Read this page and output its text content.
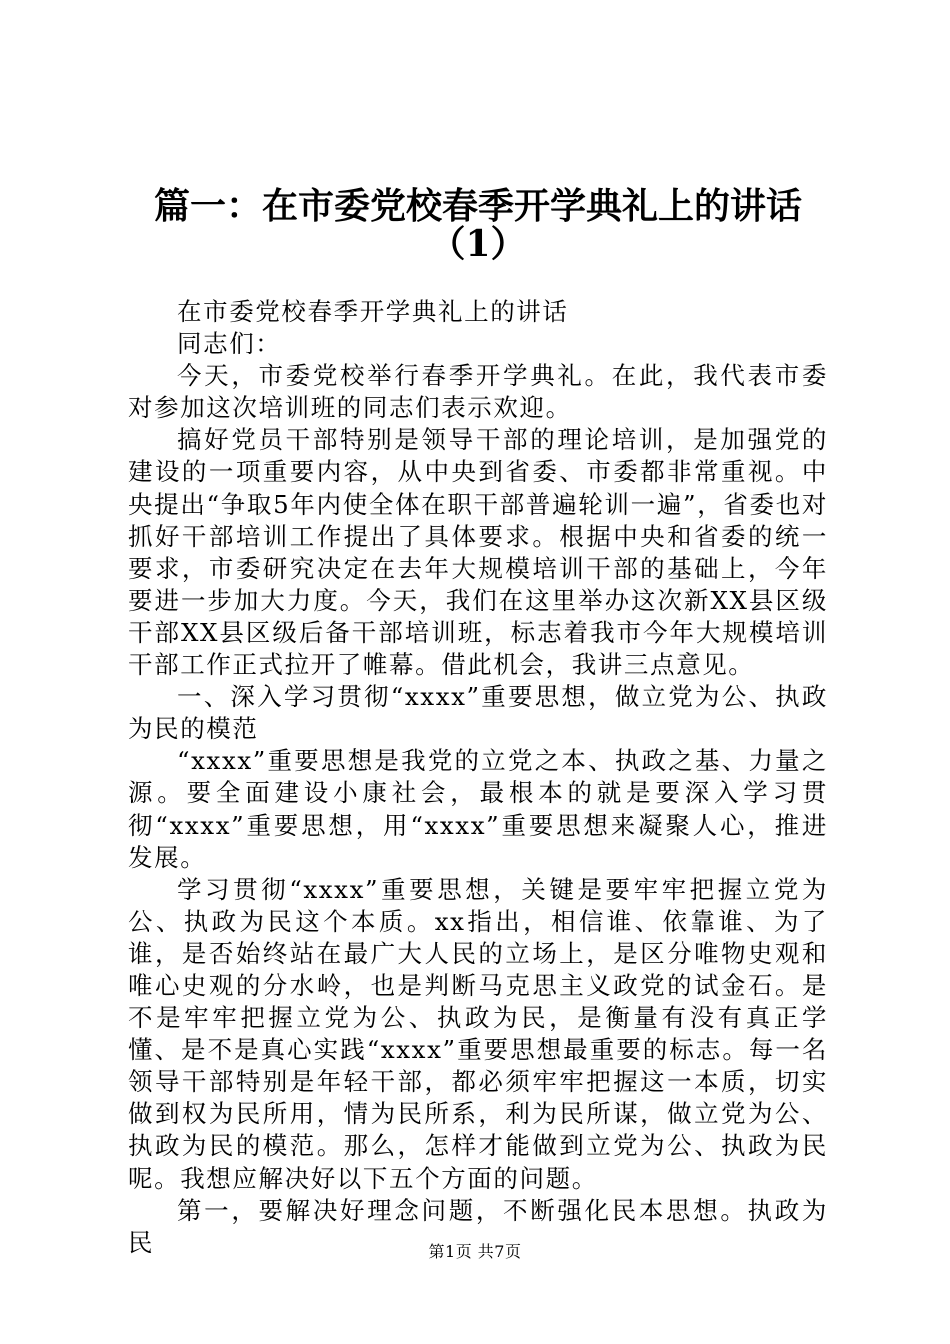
篇一：在市委党校春季开学典礼上的讲话
（1）

在市委党校春季开学典礼上的讲话

同志们：

今天，市委党校举行春季开学典礼。在此，我代表市委对参加这次培训班的同志们表示欢迎。

搞好党员干部特别是领导干部的理论培训，是加强党的建设的一项重要内容，从中央到省委、市委都非常重视。中央提出“争取5年内使全体在职干部普遍轮训一遍”，省委也对抓好干部培训工作提出了具体要求。根据中央和省委的统一要求，市委研究决定在去年大规模培训干部的基础上，今年要进一步加大力度。今天，我们在这里举办这次新XX县区级干部XX县区级后备干部培训班，标志着我市今年大规模培训干部工作正式拉开了帷幕。借此机会，我讲三点意见。

一、深入学习贯彻“xxxx”重要思想，做立党为公、执政为民的模范

“xxxx”重要思想是我党的立党之本、执政之基、力量之源。要全面建设小康社会，最根本的就是要深入学习贯彻“xxxx”重要思想，用“xxxx”重要思想来凝聚人心，推进发展。

学习贯彻“xxxx”重要思想，关键是要牢牢把握立党为公、执政为民这个本质。xx指出，相信谁、依靠谁、为了谁，是否始终站在最广大人民的立场上，是区分唯物史观和唯心史观的分水岭，也是判断马克思主义政党的试金石。是不是牢牢把握立党为公、执政为民，是衡量有没有真正学懂、是不是真心实践“xxxx”重要思想最重要的标志。每一名领导干部特别是年轻干部，都必须牢牢把握这一本质，切实做到权为民所用，情为民所系，利为民所谋，做立党为公、执政为民的模范。那么，怎样才能做到立党为公、执政为民呢。我想应解决好以下五个方面的问题。

第一，要解决好理念问题，不断强化民本思想。执政为民	第1页 共7页
